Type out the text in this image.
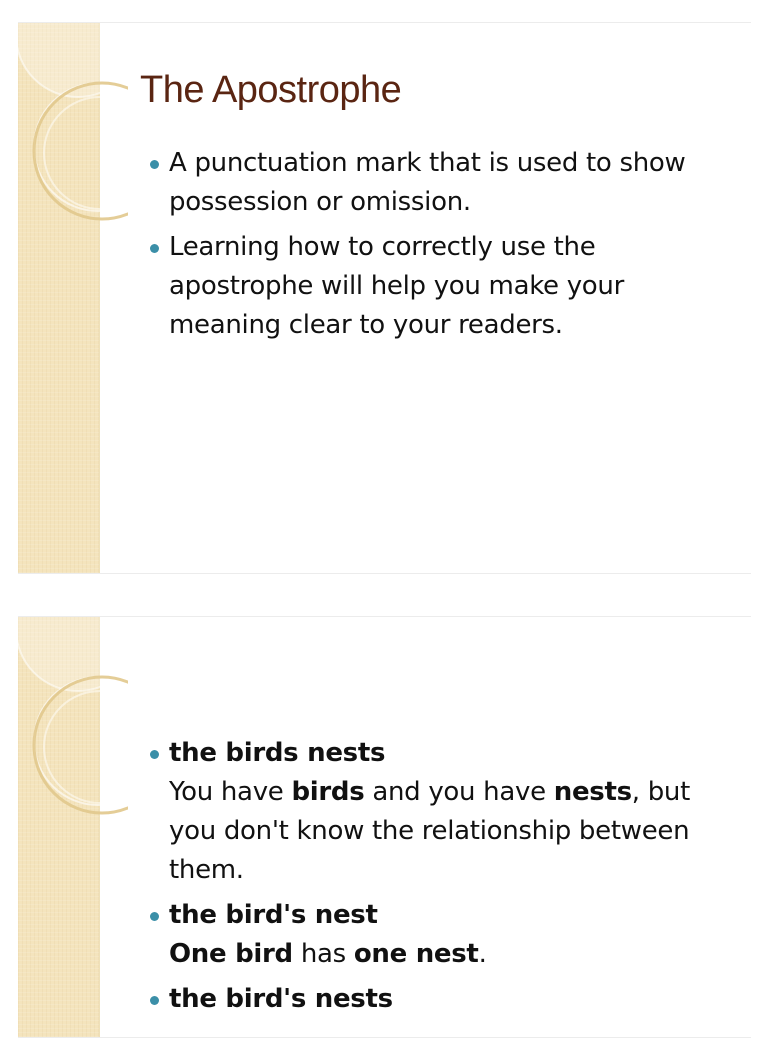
The Apostrophe
A punctuation mark that is used to show possession or omission.
Learning how to correctly use the apostrophe will help you make your meaning clear to your readers.
the birds nests
You have birds and you have nests, but you don't know the relationship between them.
the bird's nest
One bird has one nest.
the bird's nests
